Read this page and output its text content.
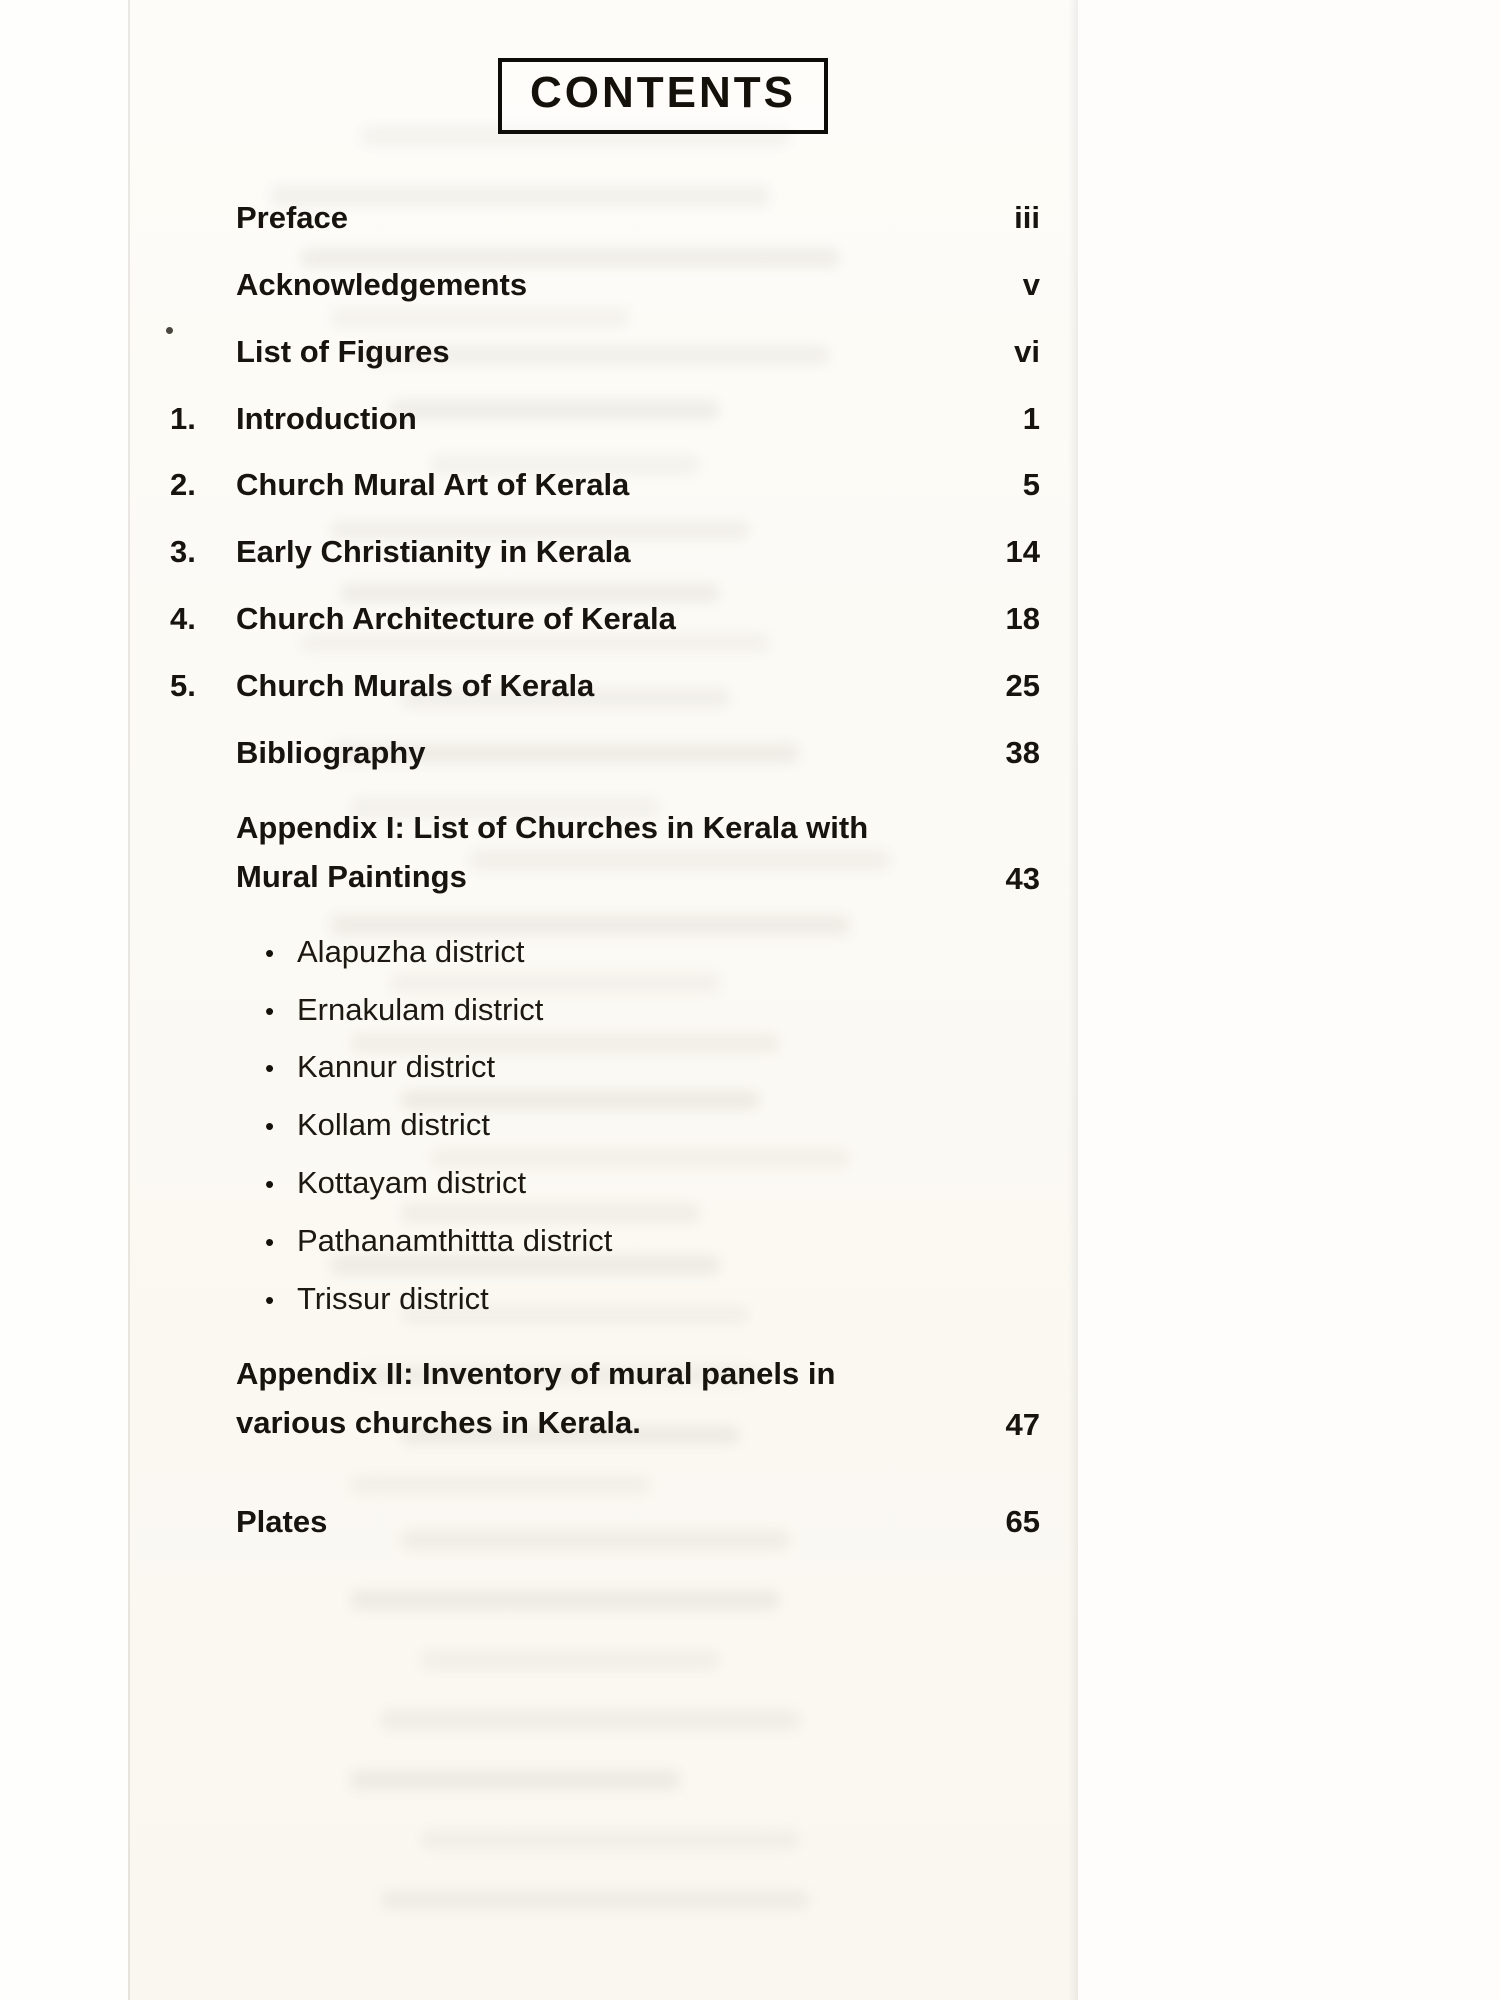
CONTENTS
Preface	iii
Acknowledgements	v
List of Figures	vi
1.	Introduction	1
2.	Church Mural Art of Kerala	5
3.	Early Christianity in Kerala	14
4.	Church Architecture of Kerala	18
5.	Church Murals of Kerala	25
Bibliography	38
Appendix I: List of Churches in Kerala with
Mural Paintings	43
• Alapuzha district
• Ernakulam district
• Kannur district
• Kollam district
• Kottayam district
• Pathanamthittta district
• Trissur district
Appendix II: Inventory of mural panels in
various churches in Kerala.	47
Plates	65
